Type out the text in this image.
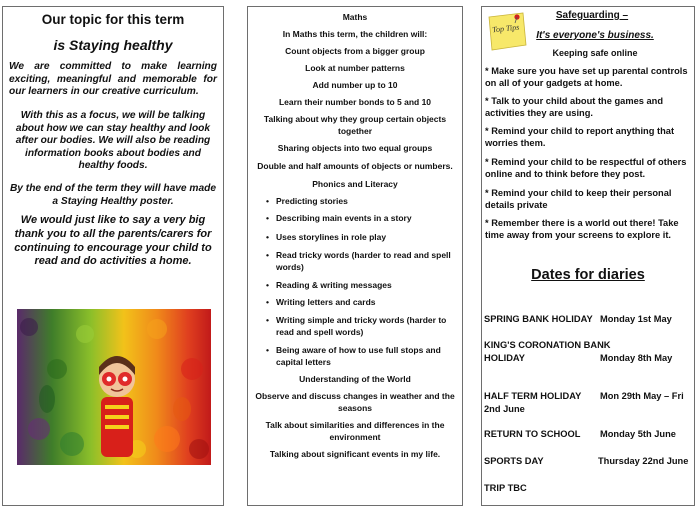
Our topic for this term
is Staying healthy
We are committed to make learning exciting, meaningful and memorable for our learners in our creative curriculum.
With this as a focus, we will be talking about how we can stay healthy and look after our bodies. We will also be reading information books about bodies and healthy foods.
By the end of the term they will have made a Staying Healthy poster.
We would just like to say a very big thank you to all the parents/carers for continuing to encourage your child to read and do activities a home.
Maths
In Maths this term, the children will:
Count objects from a bigger group
Look at number patterns
Add number up to 10
Learn their number bonds to 5 and 10
Talking about why they group certain objects together
Sharing objects into two equal groups
Double and half amounts of objects or numbers.
Phonics and Literacy
• Predicting stories
• Describing main events in a story
• Uses storylines in role play
• Read tricky words (harder to read and spell words)
• Reading & writing messages
• Writing letters and cards
• Writing simple and tricky words (harder to read and spell words)
• Being aware of how to use full stops and capital letters
Understanding of the World
Observe and discuss changes in weather and the seasons
Talk about similarities and differences in the environment
Talking about significant events in my life.
Top Tips
Safeguarding –
It's everyone's business.
Keeping safe online
* Make sure you have set up parental controls on all of your gadgets at home.
* Talk to your child about the games and activities they are using.
* Remind your child to report anything that worries them.
* Remind your child to be respectful of others online and to think before they post.
* Remind your child to keep their personal details private
* Remember there is a world out there! Take time away from your screens to explore it.
Dates for diaries
SPRING BANK HOLIDAY Monday 1st May
KING'S CORONATION BANK HOLIDAY	Monday 8th May
HALF TERM HOLIDAY 2nd June
Mon 29th May – Fri
RETURN TO SCHOOL Monday 5th June
SPORTS DAY	Thursday 22nd June
TRIP TBC
